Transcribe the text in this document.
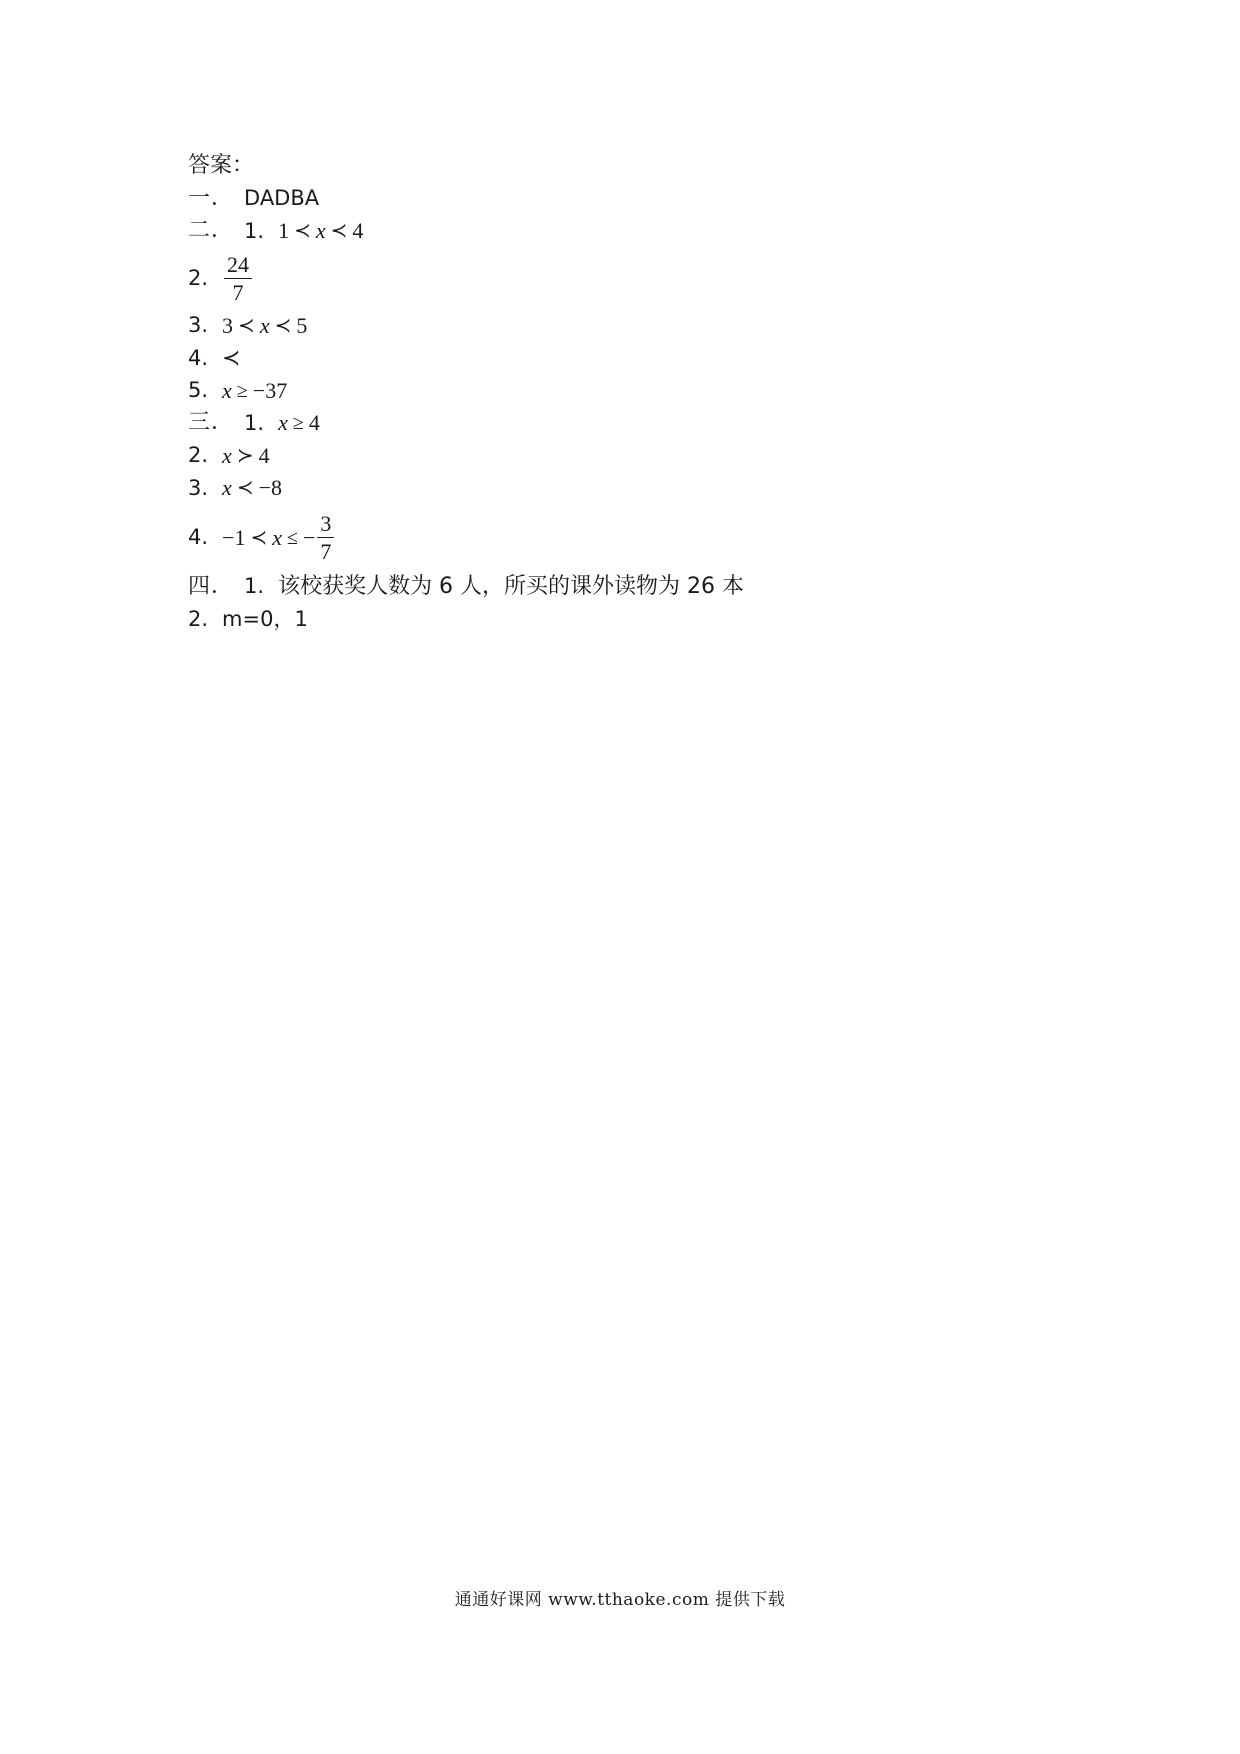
答案：
一． DADBA
二． 1. 1 ≺ x ≺ 4
2. $\frac{24}{7}$
3. 3 ≺ x ≺ 5
4. ≺
5. x ≥ −37
三． 1. x ≥ 4
2. x ≻ 4
3. x ≺ −8
4. −1 ≺ x ≤ − $\frac{3}{7}$
四． 1. 该校获奖人数为 6 人，所买的课外读物为 26 本
2. m=0，1
通通好课网 www.tthaoke.com 提供下载
